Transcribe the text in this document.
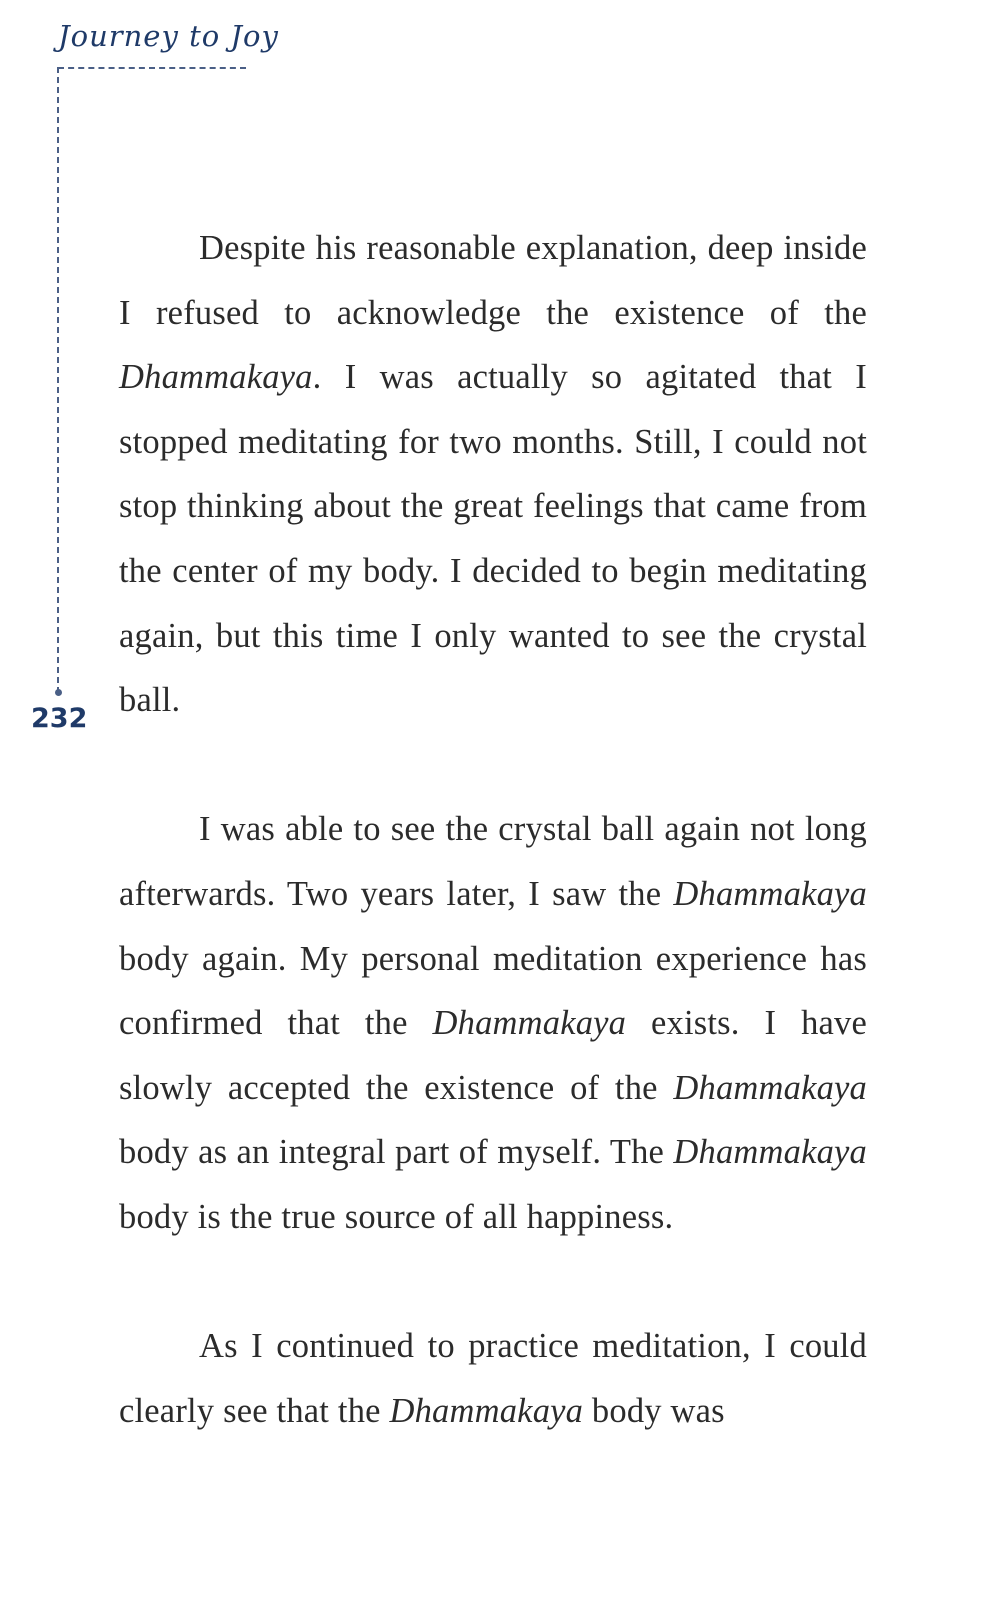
Journey to Joy
232

Despite his reasonable explanation, deep inside I refused to acknowledge the existence of the Dhammakaya. I was actually so agitated that I stopped meditating for two months. Still, I could not stop thinking about the great feelings that came from the center of my body. I decided to begin meditating again, but this time I only wanted to see the crystal ball.

I was able to see the crystal ball again not long afterwards. Two years later, I saw the Dhammakaya body again. My personal meditation experience has confirmed that the Dhammakaya exists. I have slowly accepted the existence of the Dhammakaya body as an integral part of myself. The Dhammakaya body is the true source of all happiness.

As I continued to practice meditation, I could clearly see that the Dhammakaya body was
